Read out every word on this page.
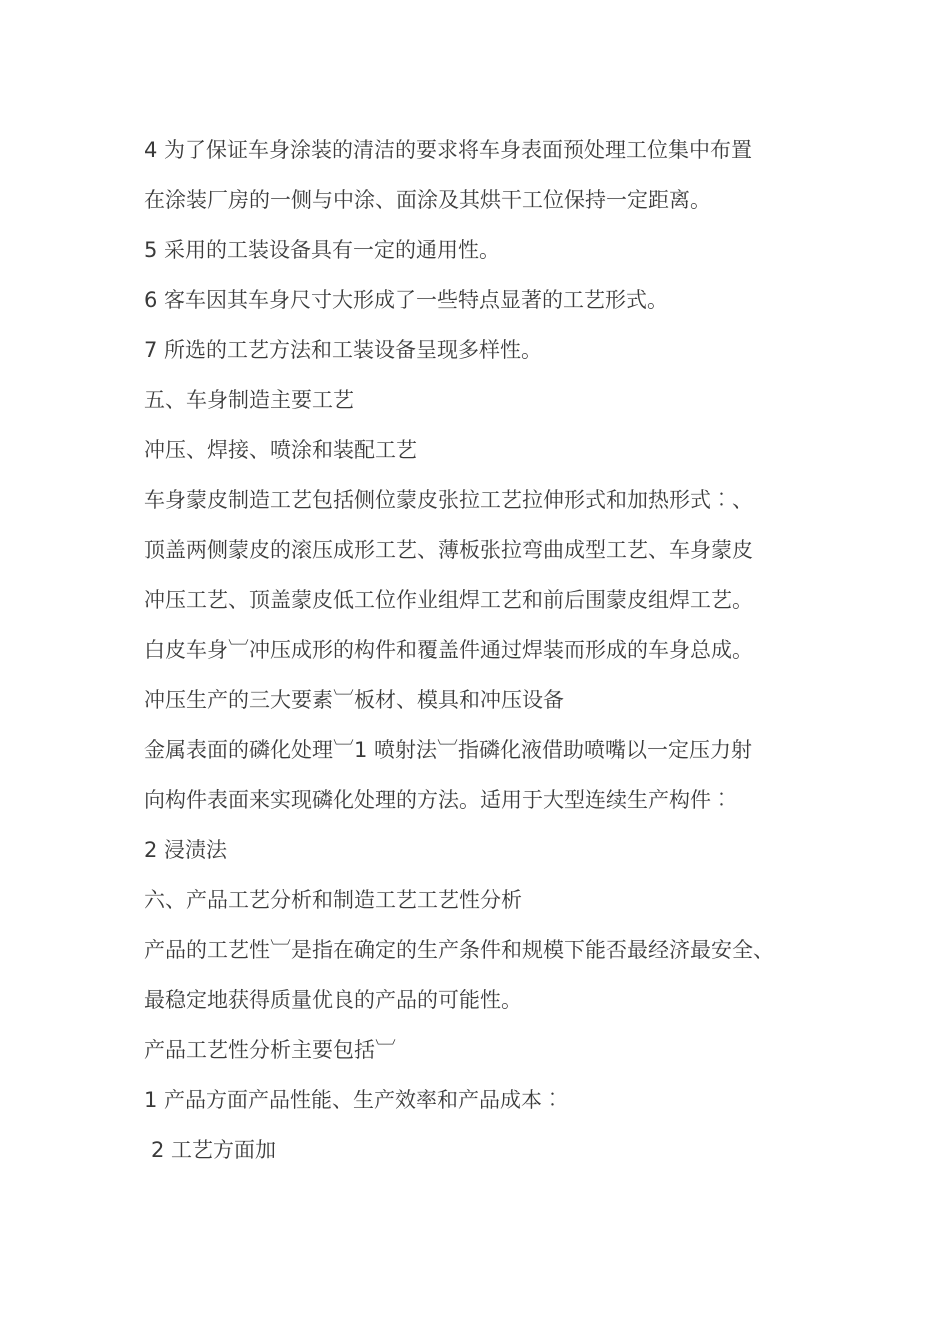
4 为了保证车身涂装的清洁的要求将车身表面预处理工位集中布置
在涂装厂房的一侧与中涂、面涂及其烘干工位保持一定距离。
5 采用的工装设备具有一定的通用性。
6 客车因其车身尺寸大形成了一些特点显著的工艺形式。
7 所选的工艺方法和工装设备呈现多样性。
五、车身制造主要工艺
冲压、焊接、喷涂和装配工艺
车身蒙皮制造工艺包括侧位蒙皮张拉工艺拉伸形式和加热形式︰、
顶盖两侧蒙皮的滚压成形工艺、薄板张拉弯曲成型工艺、车身蒙皮
冲压工艺、顶盖蒙皮低工位作业组焊工艺和前后围蒙皮组焊工艺。
白皮车身︺冲压成形的构件和覆盖件通过焊装而形成的车身总成。
冲压生产的三大要素︺板材、模具和冲压设备
金属表面的磷化处理︺1 喷射法︺指磷化液借助喷嘴以一定压力射
向构件表面来实现磷化处理的方法。适用于大型连续生产构件︰
2 浸渍法
六、产品工艺分析和制造工艺工艺性分析
产品的工艺性︺是指在确定的生产条件和规模下能否最经济最安全、
最稳定地获得质量优良的产品的可能性。
产品工艺性分析主要包括︺
1 产品方面产品性能、生产效率和产品成本︰
2 工艺方面加
